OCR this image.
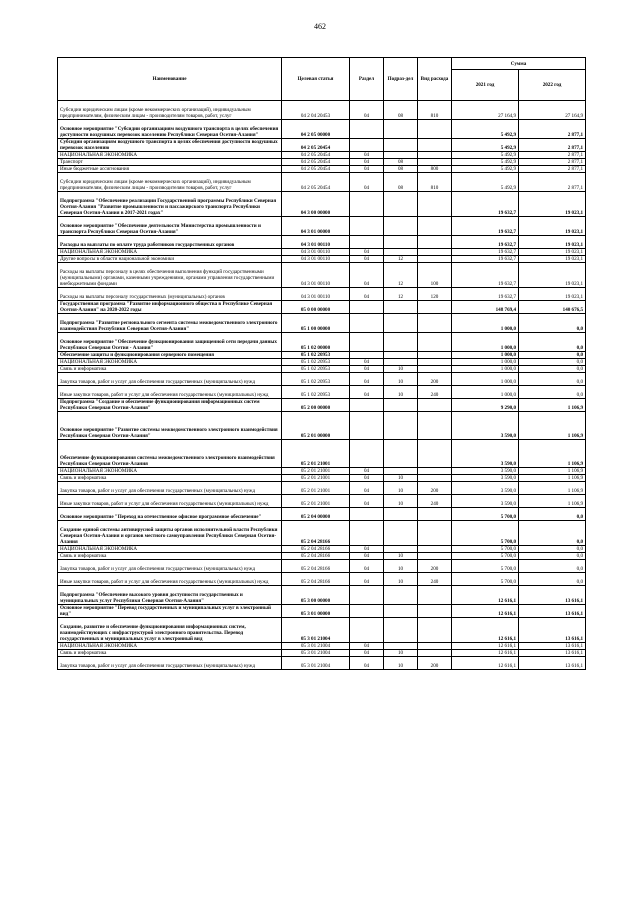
462
Наименование	Целевая статья	Раздел	Подраз-дел	Вид расхода	Сумма	
					2021 год	2022 год
Субсидии юридическим лицам (кроме некоммерческих организаций), индивидуальным предпринимателям, физическим лицам - производителям товаров, работ, услуг	04 2 04 20453	04	08	810	27 164,9	27 164,9
Основное мероприятие "Субсидии организациям воздушного транспорта в целях обеспечения доступности воздушных перевозок населению Республики Северная Осетия-Алания"	04 2 05 00000				5 492,9	2 877,1
Субсидии организациям воздушного транспорта в целях обеспечения доступности воздушных перевозок населению	04 2 05 20454				5 492,9	2 877,1
НАЦИОНАЛЬНАЯ ЭКОНОМИКА	04 2 05 20454	04			5 492,9	2 877,1
Транспорт	04 2 05 20454	04	08		5 492,9	2 877,1
Иные бюджетные ассигнования	04 2 05 20454	04	08	800	5 492,9	2 877,1
Субсидии юридическим лицам (кроме некоммерческих организаций), индивидуальным предпринимателям, физическим лицам - производителям товаров, работ, услуг	04 2 05 20454	04	08	810	5 492,9	2 877,1
Подпрограмма "Обеспечение реализации Государственной программы Республики Северная Осетия-Алания "Развитие промышленности и пассажирского транспорта Республики Северная Осетия-Алания в 2017-2021 годах"	04 3 00 00000				19 632,7	19 023,1
Основное мероприятие "Обеспечение деятельности Министерства промышленности и транспорта Республики Северная Осетия-Алания"	04 3 01 00000				19 632,7	19 023,1
Расходы на выплаты по оплате труда работников государственных органов	04 3 01 00110				19 632,7	19 023,1
НАЦИОНАЛЬНАЯ ЭКОНОМИКА	04 3 01 00110	04			19 632,7	19 023,1
Другие вопросы в области национальной экономики	04 3 01 00110	04	12		19 632,7	19 023,1
Расходы на выплаты персоналу в целях обеспечения выполнения функций государственными (муниципальными) органами, казенными учреждениями, органами управления государственными внебюджетными фондами	04 3 01 00110	04	12	100	19 632,7	19 023,1
Расходы на выплаты персоналу государственных (муниципальных) органов	04 3 01 00110	04	12	120	19 632,7	19 023,1
Государственная программа "Развитие информационного общества в Республике Северная Осетия-Алания" на 2020-2022 годы	05 0 00 00000				148 769,4	140 676,5
Подпрограмма "Развитие регионального сегмента системы межведомственного электронного взаимодействия Республики Северная Осетия-Алания"	05 1 00 00000				1 000,0	0,0
Основное мероприятие "Обеспечение функционирования защищенной сети передачи данных Республики Северная Осетия - Алания"	05 1 02 00000				1 000,0	0,0
Обеспечение защиты и функционирования серверного помещения	05 1 02 20953				1 000,0	0,0
НАЦИОНАЛЬНАЯ ЭКОНОМИКА	05 1 02 20953	04			1 000,0	0,0
Связь и информатика	05 1 02 20953	04	10		1 000,0	0,0
Закупка товаров, работ и услуг для обеспечения государственных (муниципальных) нужд	05 1 02 20953	04	10	200	1 000,0	0,0
Иные закупки товаров, работ и услуг для обеспечения государственных (муниципальных) нужд	05 1 02 20953	04	10	240	1 000,0	0,0
Подпрограмма "Создание и обеспечение функционирования информационных систем Республики Северная Осетия-Алания"	05 2 00 00000				9 290,0	1 106,9
Основное мероприятие "Развитие системы межведомственного электронного взаимодействия Республики Северная Осетия-Алания"	05 2 01 00000				3 590,0	1 106,9
Обеспечение функционирования системы межведомственного электронного взаимодействия Республики Северная Осетия-Алания	05 2 01 21001				3 590,0	1 106,9
НАЦИОНАЛЬНАЯ ЭКОНОМИКА	05 2 01 21001	04			3 590,0	1 106,9
Связь и информатика	05 2 01 21001	04	10		3 590,0	1 106,9
Закупка товаров, работ и услуг для обеспечения государственных (муниципальных) нужд	05 2 01 21001	04	10	200	3 590,0	1 106,9
Иные закупки товаров, работ и услуг для обеспечения государственных (муниципальных) нужд	05 2 01 21001	04	10	240	3 590,0	1 106,9
Основное мероприятие "Переход на отечественное офисное программное обеспечение"	05 2 04 00000				5 700,0	0,0
Создание единой системы антивирусной защиты органов исполнительной власти Республики Северная Осетия-Алания и органов местного самоуправления Республики Северная Осетия-Алания	05 2 04 28166				5 700,0	0,0
НАЦИОНАЛЬНАЯ ЭКОНОМИКА	05 2 04 28166	04			5 700,0	0,0
Связь и информатика	05 2 04 28166	04	10		5 700,0	0,0
Закупка товаров, работ и услуг для обеспечения государственных (муниципальных) нужд	05 2 04 28166	04	10	200	5 700,0	0,0
Иные закупки товаров, работ и услуг для обеспечения государственных (муниципальных) нужд	05 2 04 28166	04	10	240	5 700,0	0,0
Подпрограмма "Обеспечение высокого уровня доступности государственных и муниципальных услуг Республики Северная Осетия-Алания"	05 3 00 00000				12 616,1	13 616,1
Основное мероприятие "Перевод государственных и муниципальных услуг в электронный вид"	05 3 01 00000				12 616,1	13 616,1
Создание, развитие и обеспечение функционирования информационных систем, взаимодействующих с инфраструктурой электронного правительства. Перевод государственных и муниципальных услуг в электронный вид	05 3 01 21004				12 616,1	13 616,1
НАЦИОНАЛЬНАЯ ЭКОНОМИКА	05 3 01 21004	04			12 616,1	13 616,1
Связь и информатика	05 3 01 21004	04	10		12 616,1	13 616,1
Закупка товаров, работ и услуг для обеспечения государственных (муниципальных) нужд	05 3 01 21004	04	10	200	12 616,1	13 616,1
